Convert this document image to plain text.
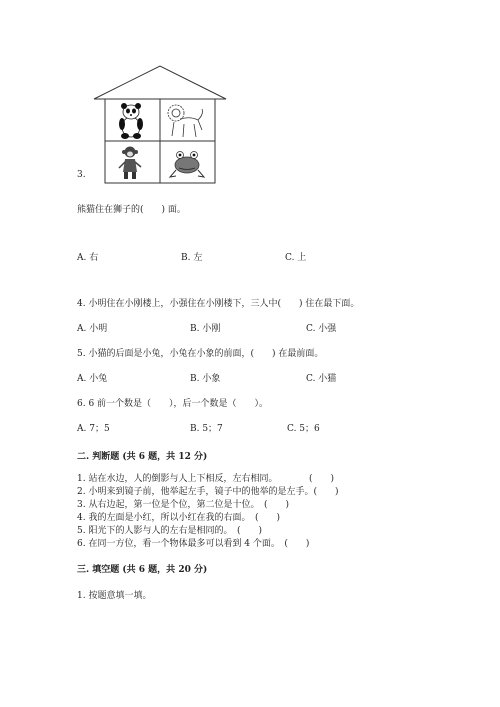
3.
熊猫住在狮子的(　　) 面。
A. 右	B. 左	C. 上
4. 小明住在小刚楼上，小强住在小刚楼下，三人中(　　) 住在最下面。
A. 小明	B. 小刚	C. 小强
5. 小猫的后面是小兔，小兔在小象的前面，(　　) 在最前面。
A. 小兔	B. 小象	C. 小猫
6. 6 前一个数是（　　），后一个数是（　　）。
A. 7；5	B. 5；7	C. 5；6
二. 判断题 (共 6 题，共 12 分)
1. 站在水边，人的倒影与人上下相反，左右相同。　　　　(　　)
2. 小明来到镜子前，他举起左手，镜子中的他举的是左手。(　　)
3. 从右边起，第一位是个位，第二位是十位。　(　　)
4. 我的左面是小红，所以小红在我的右面。　(　　)
5. 阳光下的人影与人的左右是相同的。　(　　)
6. 在同一方位，看一个物体最多可以看到 4 个面。　(　　)
三. 填空题 (共 6 题，共 20 分)
1. 按题意填一填。
